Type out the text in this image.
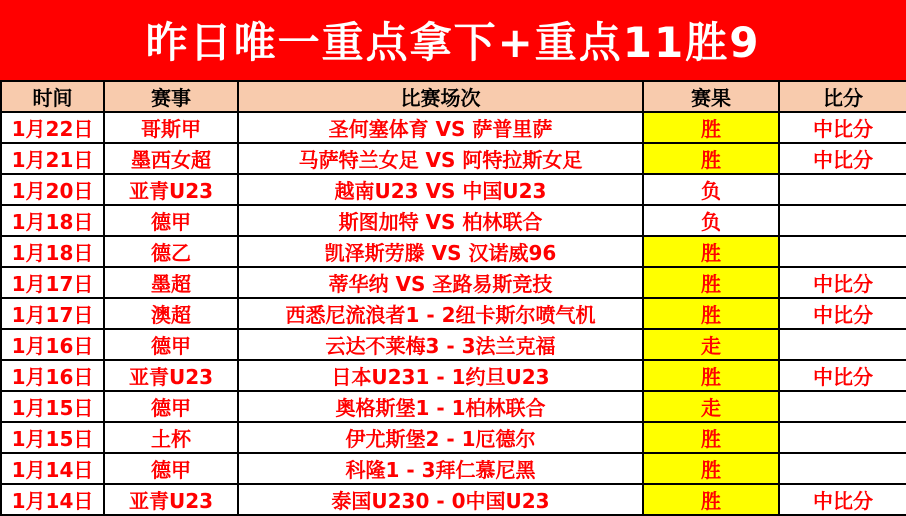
昨日唯一重点拿下+重点11胜9
时间	赛事	比赛场次	赛果	比分
1月22日	哥斯甲	圣何塞体育 VS 萨普里萨	胜	中比分
1月21日	墨西女超	马萨特兰女足 VS 阿特拉斯女足	胜	中比分
1月20日	亚青U23	越南U23 VS 中国U23	负	
1月18日	德甲	斯图加特 VS 柏林联合	负	
1月18日	德乙	凯泽斯劳滕 VS 汉诺威96	胜	
1月17日	墨超	蒂华纳 VS 圣路易斯竞技	胜	中比分
1月17日	澳超	西悉尼流浪者1 - 2纽卡斯尔喷气机	胜	中比分
1月16日	德甲	云达不莱梅3 - 3法兰克福	走	
1月16日	亚青U23	日本U231 - 1约旦U23	胜	中比分
1月15日	德甲	奥格斯堡1 - 1柏林联合	走	
1月15日	土杯	伊尤斯堡2 - 1厄德尔	胜	
1月14日	德甲	科隆1 - 3拜仁慕尼黑	胜	
1月14日	亚青U23	泰国U230 - 0中国U23	胜	中比分
